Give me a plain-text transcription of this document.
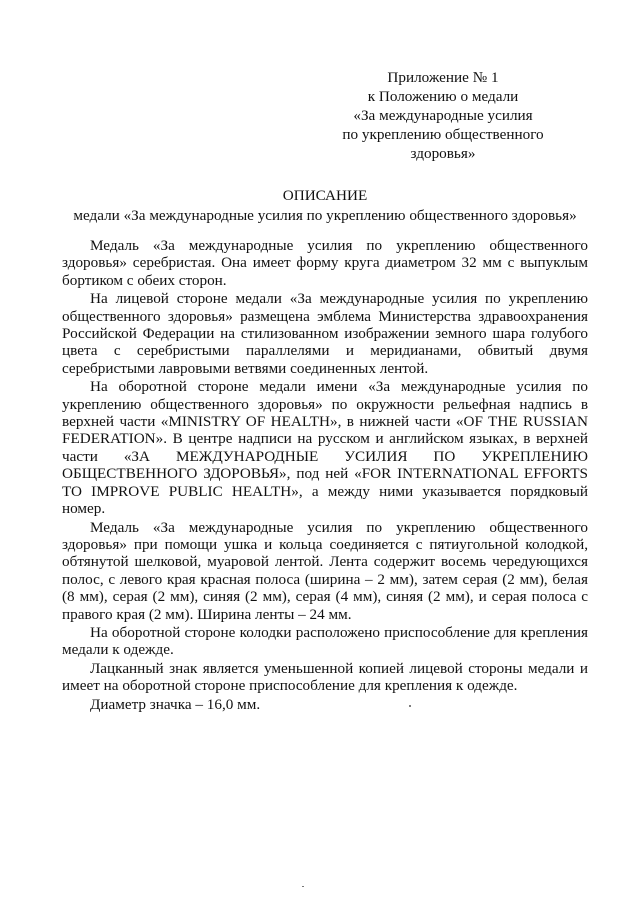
Приложение № 1
к Положению о медали
«За международные усилия
по укреплению общественного
здоровья»
ОПИСАНИЕ
медали «За международные усилия по укреплению общественного здоровья»

Медаль «За международные усилия по укреплению общественного здоровья» серебристая. Она имеет форму круга диаметром 32 мм с выпуклым бортиком с обеих сторон.

На лицевой стороне медали «За международные усилия по укреплению общественного здоровья» размещена эмблема Министерства здравоохранения Российской Федерации на стилизованном изображении земного шара голубого цвета с серебристыми параллелями и меридианами, обвитый двумя серебристыми лавровыми ветвями соединенных лентой.

На оборотной стороне медали имени «За международные усилия по укреплению общественного здоровья» по окружности рельефная надпись в верхней части «MINISTRY OF HEALTH», в нижней части «OF THE RUSSIAN FEDERATION». В центре надписи на русском и английском языках, в верхней части «ЗА МЕЖДУНАРОДНЫЕ УСИЛИЯ ПО УКРЕПЛЕНИЮ ОБЩЕСТВЕННОГО ЗДОРОВЬЯ», под ней «FOR INTERNATIONAL EFFORTS TO IMPROVE PUBLIC HEALTH», а между ними указывается порядковый номер.

Медаль «За международные усилия по укреплению общественного здоровья» при помощи ушка и кольца соединяется с пятиугольной колодкой, обтянутой шелковой, муаровой лентой. Лента содержит восемь чередующихся полос, с левого края красная полоса (ширина – 2 мм), затем серая (2 мм), белая (8 мм), серая (2 мм), синяя (2 мм), серая (4 мм), синяя (2 мм), и серая полоса с правого края (2 мм). Ширина ленты – 24 мм.

На оборотной стороне колодки расположено приспособление для крепления медали к одежде.

Лацканный знак является уменьшенной копией лицевой стороны медали и имеет на оборотной стороне приспособление для крепления к одежде.

Диаметр значка – 16,0 мм.
